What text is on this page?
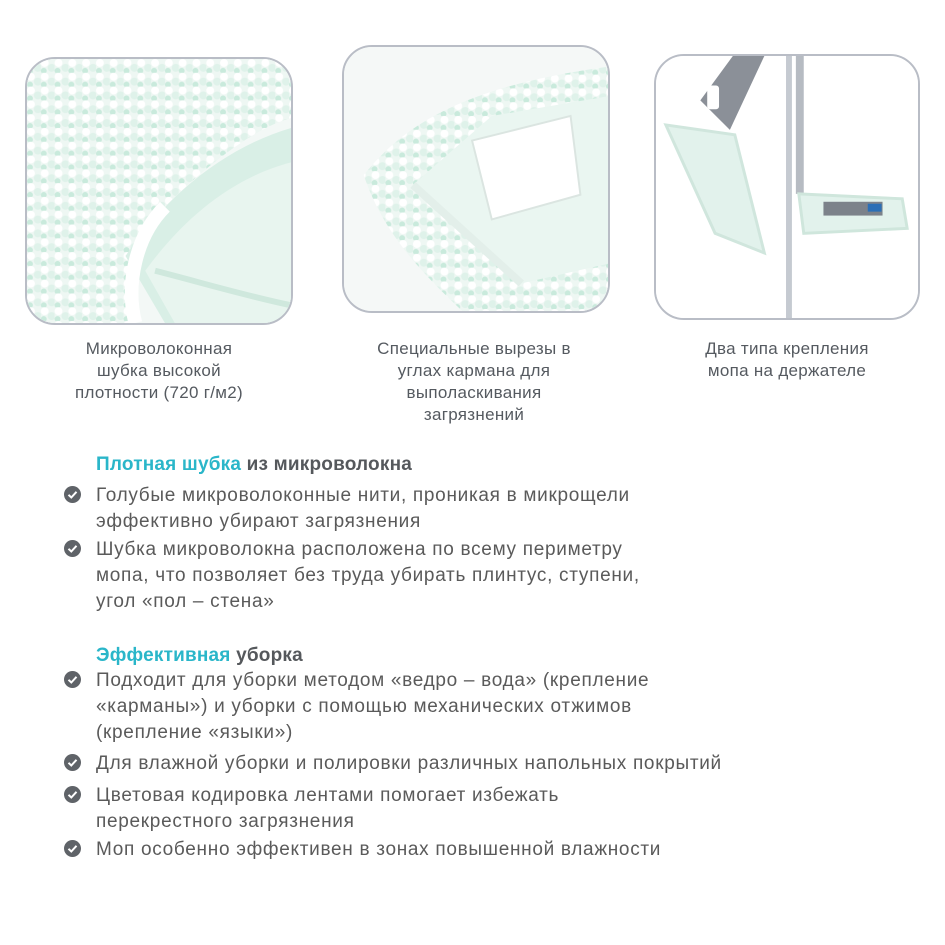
Микроволоконная
шубка высокой
плотности (720 г/м2)
Специальные вырезы в
углах кармана для
выполаскивания
загрязнений
Два типа крепления
мопа на держателе
Плотная шубка из микроволокна
Голубые микроволоконные нити, проникая в микрощели
эффективно убирают загрязнения
Шубка микроволокна расположена по всему периметру
мопа, что позволяет без труда убирать плинтус, ступени,
угол «пол – стена»
Эффективная уборка
Подходит для уборки методом «ведро – вода» (крепление
«карманы») и уборки с помощью механических отжимов
(крепление «языки»)
Для влажной уборки и полировки различных напольных покрытий
Цветовая кодировка лентами помогает избежать
перекрестного загрязнения
Моп особенно эффективен в зонах повышенной влажности
